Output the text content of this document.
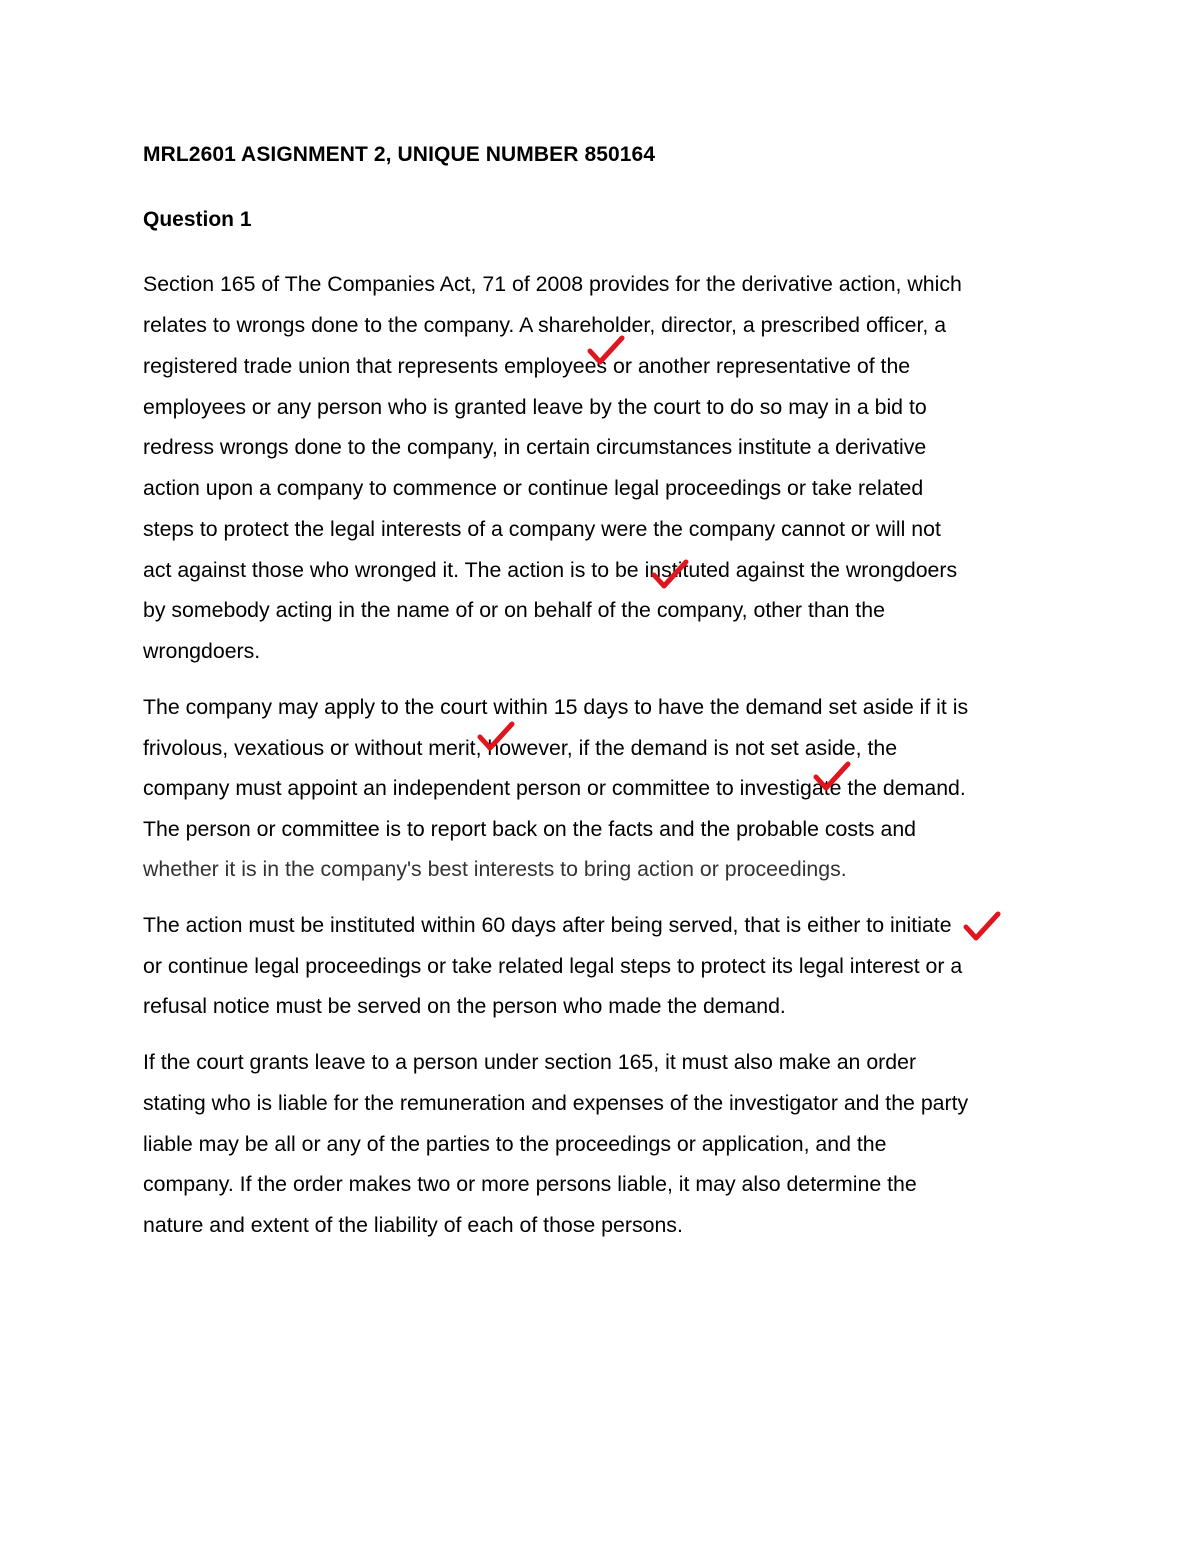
MRL2601 ASIGNMENT 2, UNIQUE NUMBER 850164
Question 1
Section 165 of The Companies Act, 71 of 2008 provides for the derivative action, which
relates to wrongs done to the company. A shareholder, director, a prescribed officer, a
registered trade union that represents employees or another representative of the
employees or any person who is granted leave by the court to do so may in a bid to
redress wrongs done to the company, in certain circumstances institute a derivative
action upon a company to commence or continue legal proceedings or take related
steps to protect the legal interests of a company were the company cannot or will not
act against those who wronged it. The action is to be instituted against the wrongdoers
by somebody acting in the name of or on behalf of the company, other than the
wrongdoers.
The company may apply to the court within 15 days to have the demand set aside if it is
frivolous, vexatious or without merit, however, if the demand is not set aside, the
company must appoint an independent person or committee to investigate the demand.
The person or committee is to report back on the facts and the probable costs and
whether it is in the company's best interests to bring action or proceedings.
The action must be instituted within 60 days after being served, that is either to initiate
or continue legal proceedings or take related legal steps to protect its legal interest or a
refusal notice must be served on the person who made the demand.
If the court grants leave to a person under section 165, it must also make an order
stating who is liable for the remuneration and expenses of the investigator and the party
liable may be all or any of the parties to the proceedings or application, and the
company. If the order makes two or more persons liable, it may also determine the
nature and extent of the liability of each of those persons.
